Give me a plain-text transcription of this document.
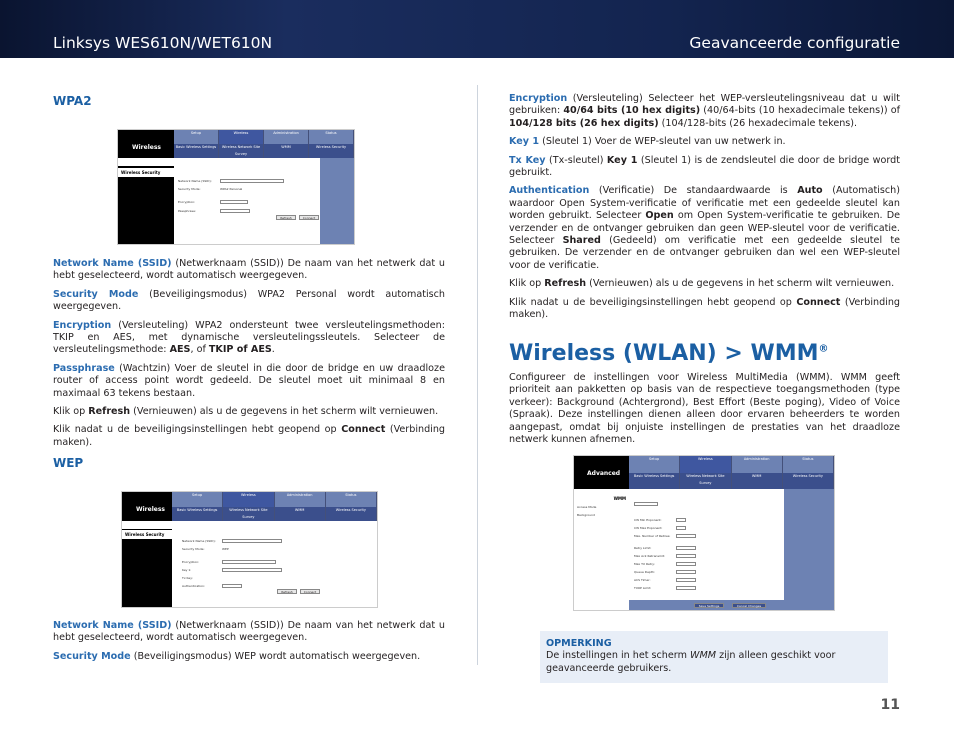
Linksys WES610N/WET610N	Geavanceerde configuratie
WPA2
Wireless
Setup	Wireless	Administration	Status
Basic Wireless Settings	Wireless Network Site Survey
WMM	Wireless Security
Wireless Security
Network Name (SSID):
Security Mode:	WPA2 Personal
Encryption:
Passphrase:
Refresh	Connect

Network Name (SSID) (Netwerknaam (SSID)) De naam van het netwerk dat u hebt geselecteerd, wordt automatisch weergegeven.

Security Mode (Beveiligingsmodus) WPA2 Personal wordt automatisch weergegeven.

Encryption (Versleuteling) WPA2 ondersteunt twee versleutelingsmethoden: TKIP en AES, met dynamische versleutelingssleutels. Selecteer de versleutelingsmethode: AES, of TKIP of AES.

Passphrase (Wachtzin) Voer de sleutel in die door de bridge en uw draadloze router of access point wordt gedeeld. De sleutel moet uit minimaal 8 en maximaal 63 tekens bestaan.

Klik op Refresh (Vernieuwen) als u de gegevens in het scherm wilt vernieuwen.

Klik nadat u de beveiligingsinstellingen hebt geopend op Connect (Verbinding maken).

WEP
Wireless
Setup	Wireless	Administration	Status
Basic Wireless Settings	Wireless Network Site Survey
WMM	Wireless Security
Wireless Security
Network Name (SSID):
Security Mode:	WEP
Encryption:
Key 1:
Tx Key:
Authentication:
Refresh	Connect

Network Name (SSID) (Netwerknaam (SSID)) De naam van het netwerk dat u hebt geselecteerd, wordt automatisch weergegeven.

Security Mode (Beveiligingsmodus) WEP wordt automatisch weergegeven.

Encryption (Versleuteling) Selecteer het WEP-versleutelingsniveau dat u wilt gebruiken: 40/64 bits (10 hex digits) (40/64-bits (10 hexadecimale tekens)) of 104/128 bits (26 hex digits) (104/128-bits (26 hexadecimale tekens).

Key 1 (Sleutel 1) Voer de WEP-sleutel van uw netwerk in.

Tx Key (Tx-sleutel) Key 1 (Sleutel 1) is de zendsleutel die door de bridge wordt gebruikt.

Authentication (Verificatie) De standaardwaarde is Auto (Automatisch) waardoor Open System-verificatie of verificatie met een gedeelde sleutel kan worden gebruikt. Selecteer Open om Open System-verificatie te gebruiken. De verzender en de ontvanger gebruiken dan geen WEP-sleutel voor de verificatie. Selecteer Shared (Gedeeld) om verificatie met een gedeelde sleutel te gebruiken. De verzender en de ontvanger gebruiken dan wel een WEP-sleutel voor de verificatie.

Klik op Refresh (Vernieuwen) als u de gegevens in het scherm wilt vernieuwen.

Klik nadat u de beveiligingsinstellingen hebt geopend op Connect (Verbinding maken).

Wireless (WLAN) > WMM®

Configureer de instellingen voor Wireless MultiMedia (WMM). WMM geeft prioriteit aan pakketten op basis van de respectieve toegangsmethoden (type verkeer): Background (Achtergrond), Best Effort (Beste poging), Video of Voice (Spraak). Deze instellingen dienen alleen door ervaren beheerders te worden aangepast, omdat bij onjuiste instellingen de prestaties van het draadloze netwerk kunnen afnemen.

Advanced
Setup	Wireless	Administration	Status
Basic Wireless Settings	Wireless Network Site Survey
WMM	Wireless Security
WMM
Access Mode
Background
CW Min Exponent:
CW Max Exponent:
Max. Number of Retries:
Retry Limit:
Max Ack Retransmit:
Max TX Retry:
Queue Depth:
ACS Timer:
TXOP Limit:
Save Settings	Cancel Changes
OPMERKING
De instellingen in het scherm WMM zijn alleen geschikt voor geavanceerde gebruikers.
11
